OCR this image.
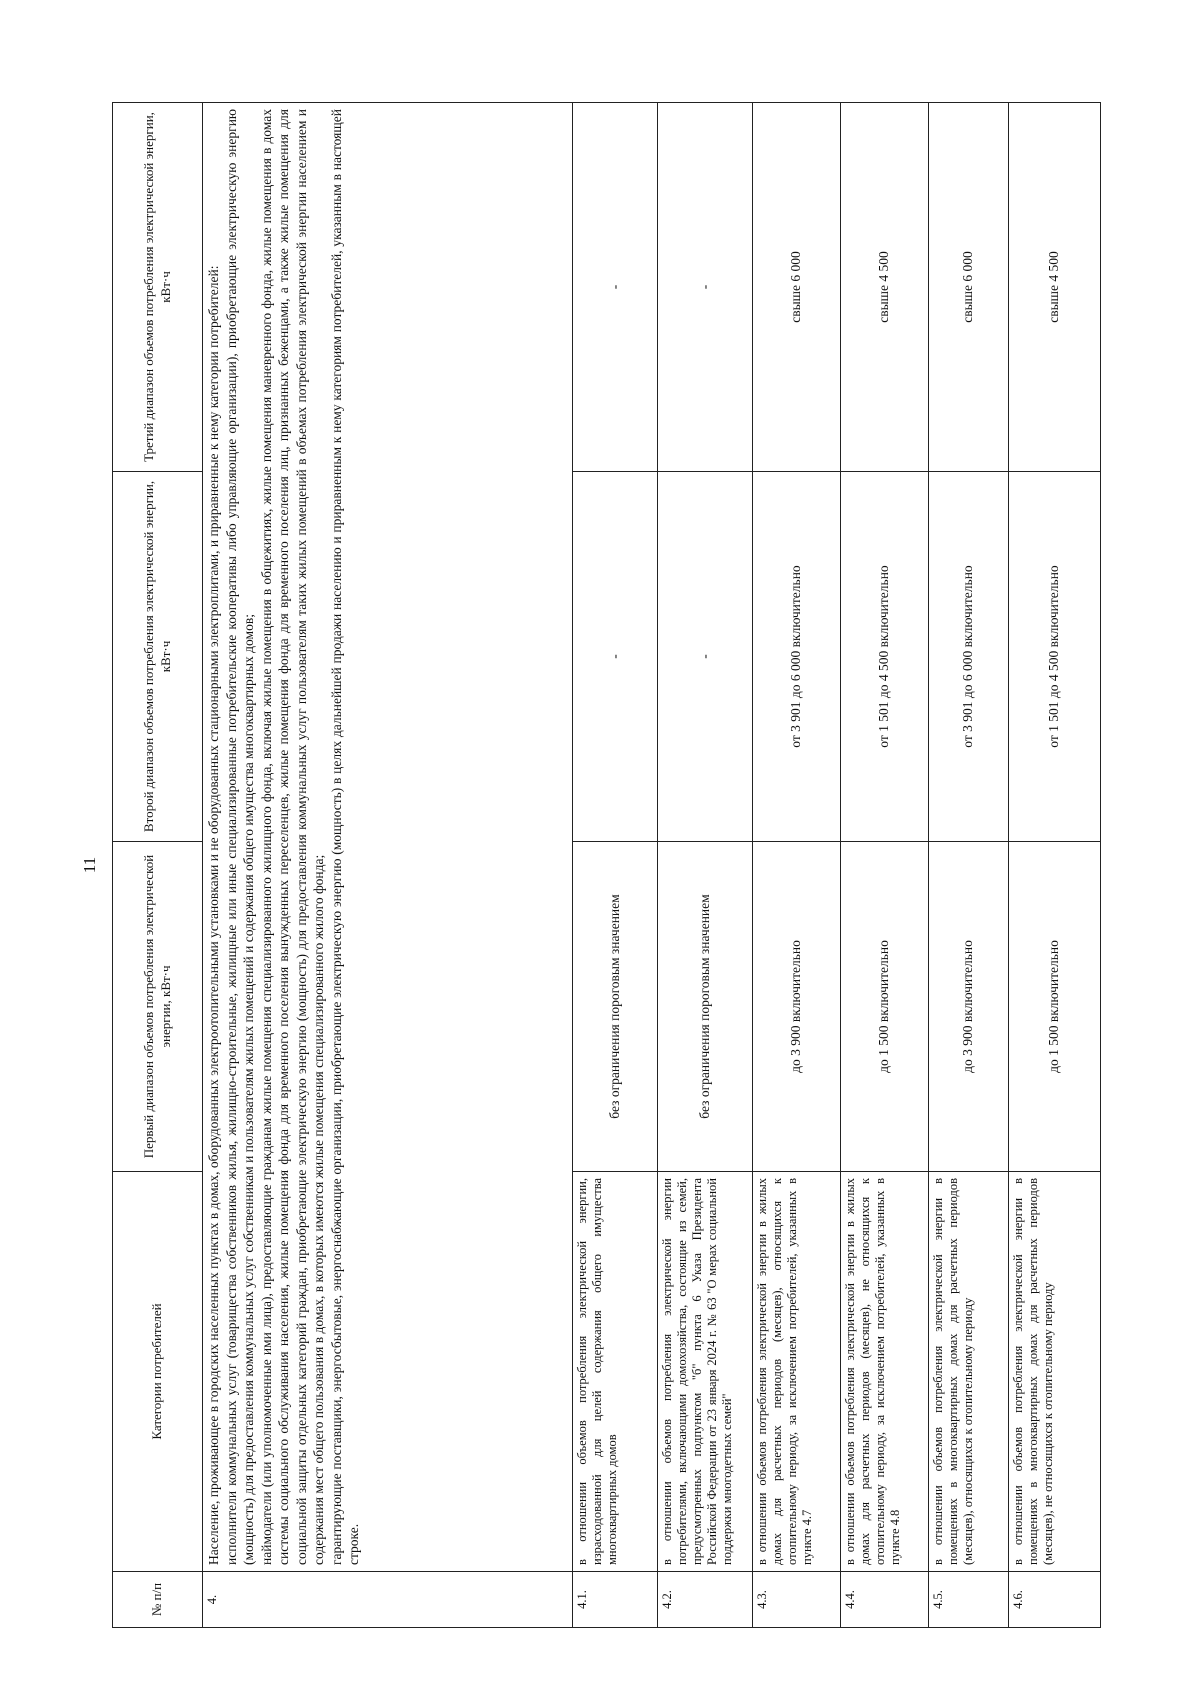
11
№ п/п	Категории потребителей	Первый диапазон объемов потребления электрической энергии, кВт·ч	Второй диапазон объемов потребления электрической энергии, кВт·ч	Третий диапазон объемов потребления электрической энергии, кВт·ч
4.	Население, проживающее в городских населенных пунктах в домах, оборудованных электроотопительными установками и не оборудованных стационарными электроплитами, и приравненные к нему категории потребителей: исполнители коммунальных услуг (товарищества собственников жилья, жилищно-строительные, жилищные или иные специализированные потребительские кооперативы либо управляющие организации), приобретающие электрическую энергию (мощность) для предоставления коммунальных услуг собственникам и пользователям жилых помещений и содержания общего имущества многоквартирных домов; наймодатели (или уполномоченные ими лица), предоставляющие гражданам жилые помещения специализированного жилищного фонда, включая жилые помещения в общежитиях, жилые помещения маневренного фонда, жилые помещения в домах системы социального обслуживания населения, жилые помещения фонда для временного поселения вынужденных переселенцев, жилые помещения фонда для временного поселения лиц, признанных беженцами, а также жилые помещения для социальной защиты отдельных категорий граждан, приобретающие электрическую энергию (мощность) для предоставления коммунальных услуг пользователям таких жилых помещений в объемах потребления электрической энергии населением и содержания мест общего пользования в домах, в которых имеются жилые помещения специализированного жилого фонда; гарантирующие поставщики, энергосбытовые, энергоснабжающие организации, приобретающие электрическую энергию (мощность) в целях дальнейшей продажи населению и приравненным к нему категориям потребителей, указанным в настоящей строке.			

4.1.	в отношении объемов потребления электрической энергии, израсходованной для целей содержания общего имущества многоквартирных домов	без ограничения пороговым значением	-	-
4.2.	в отношении объемов потребления электрической энергии потребителями, включающими домохозяйства, состоящие из семей, предусмотренных подпунктом "б" пункта 6 Указа Президента Российской Федерации от 23 января 2024 г. № 63 "О мерах социальной поддержки многодетных семей"	без ограничения пороговым значением	-	-
4.3.	в отношении объемов потребления электрической энергии в жилых домах для расчетных периодов (месяцев), относящихся к отопительному периоду, за исключением потребителей, указанных в пункте 4.7	до 3 900 включительно	от 3 901 до 6 000 включительно	свыше 6 000
4.4.	в отношении объемов потребления электрической энергии в жилых домах для расчетных периодов (месяцев), не относящихся к отопительному периоду, за исключением потребителей, указанных в пункте 4.8	до 1 500 включительно	от 1 501 до 4 500 включительно	свыше 4 500
4.5.	в отношении объемов потребления электрической энергии в помещениях в многоквартирных домах для расчетных периодов (месяцев), относящихся к отопительному периоду	до 3 900 включительно	от 3 901 до 6 000 включительно	свыше 6 000
4.6.	в отношении объемов потребления электрической энергии в помещениях в многоквартирных домах для расчетных периодов (месяцев), не относящихся к отопительному периоду	до 1 500 включительно	от 1 501 до 4 500 включительно	свыше 4 500
